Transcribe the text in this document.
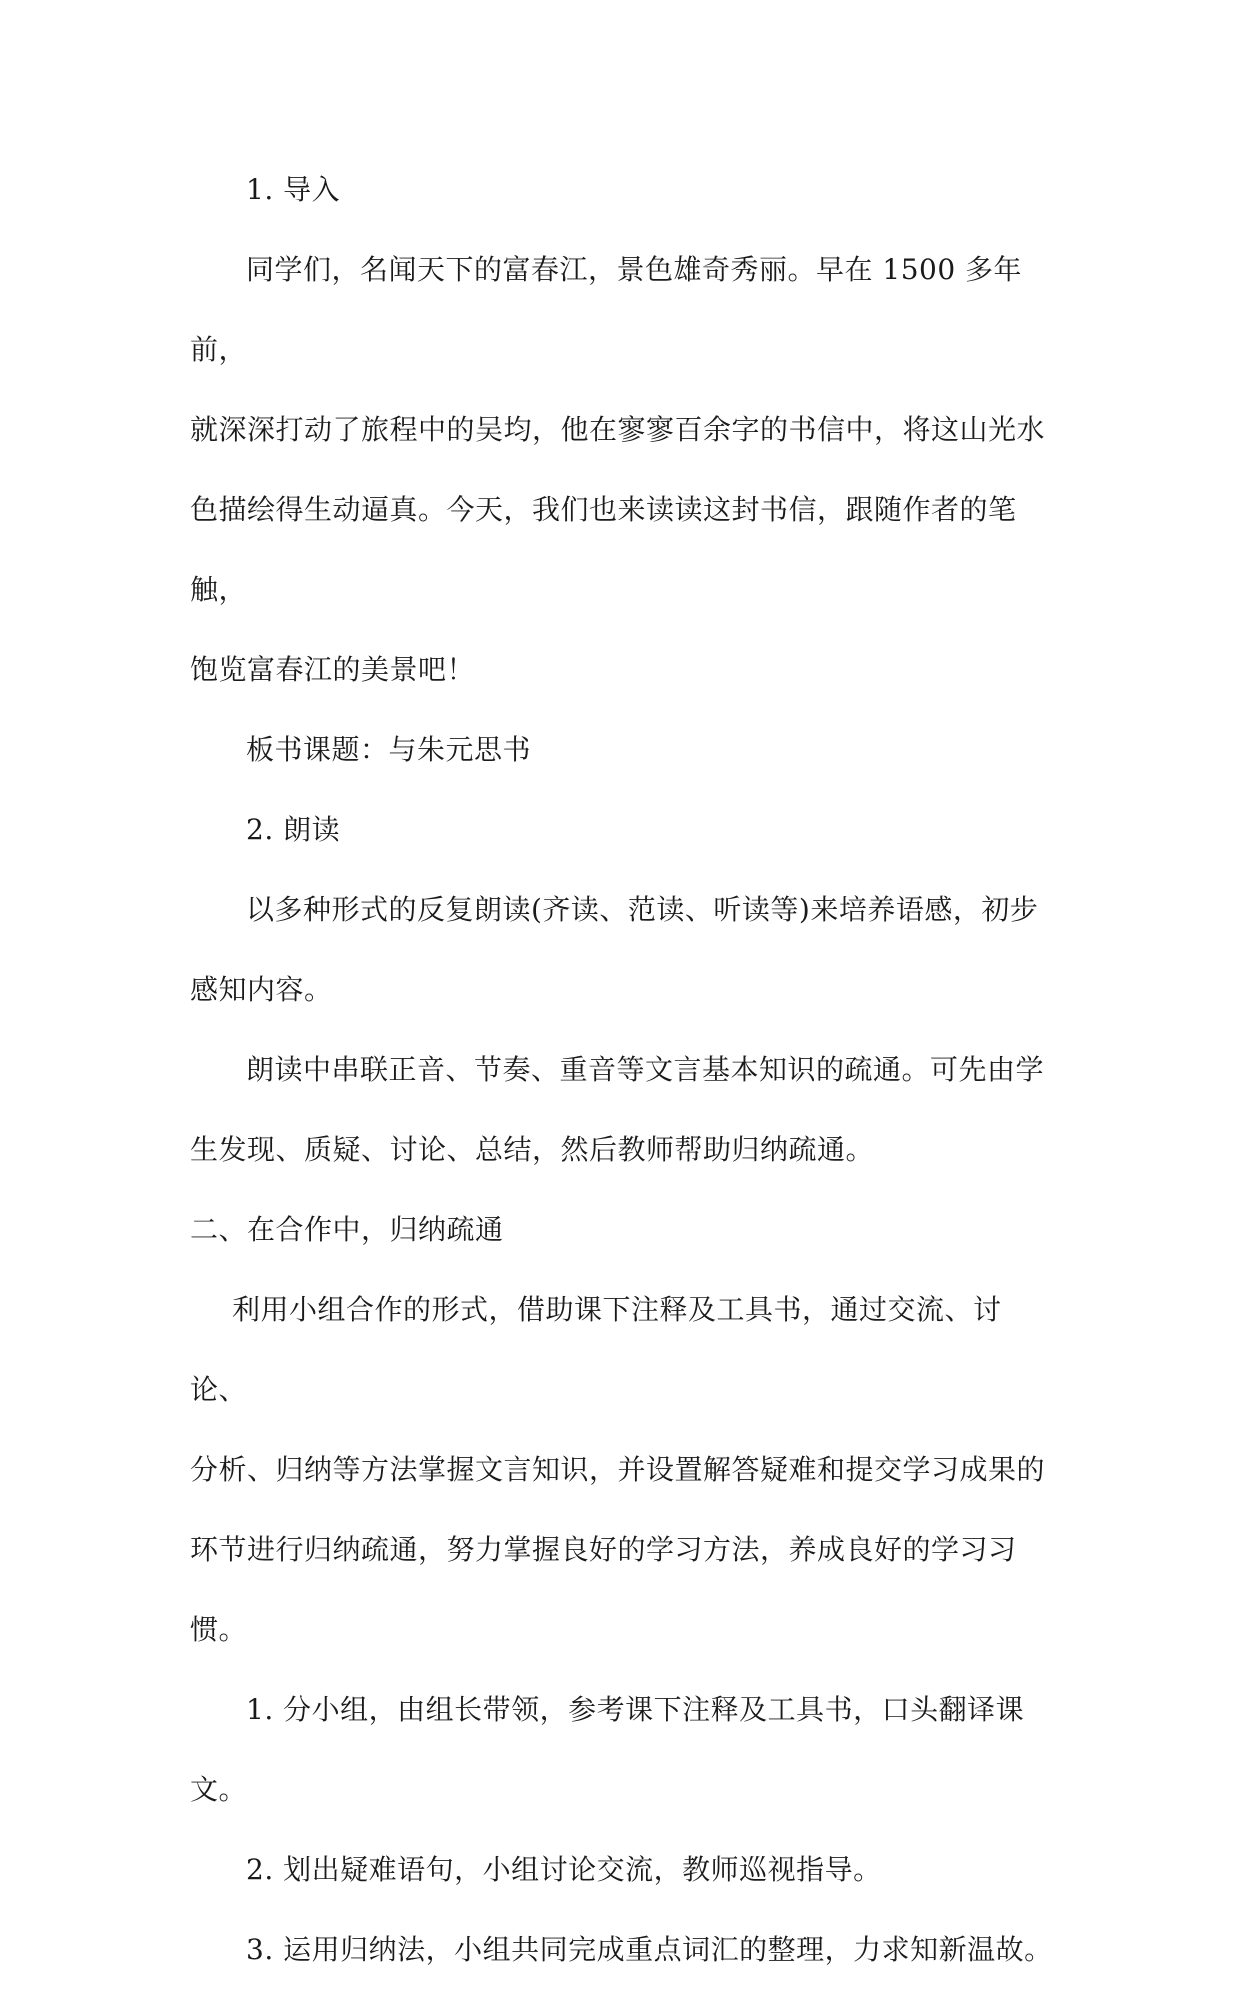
1. 导入

同学们，名闻天下的富春江，景色雄奇秀丽。早在 1500 多年前，
就深深打动了旅程中的吴均，他在寥寥百余字的书信中，将这山光水
色描绘得生动逼真。今天，我们也来读读这封书信，跟随作者的笔触，
饱览富春江的美景吧！

板书课题：与朱元思书

2. 朗读

以多种形式的反复朗读(齐读、范读、听读等)来培养语感，初步
感知内容。

朗读中串联正音、节奏、重音等文言基本知识的疏通。可先由学
生发现、质疑、讨论、总结，然后教师帮助归纳疏通。

二、在合作中，归纳疏通

利用小组合作的形式，借助课下注释及工具书，通过交流、讨论、
分析、归纳等方法掌握文言知识，并设置解答疑难和提交学习成果的
环节进行归纳疏通，努力掌握良好的学习方法，养成良好的学习习惯。

1. 分小组，由组长带领，参考课下注释及工具书，口头翻译课文。

2. 划出疑难语句，小组讨论交流，教师巡视指导。

3. 运用归纳法，小组共同完成重点词汇的整理，力求知新温故。
